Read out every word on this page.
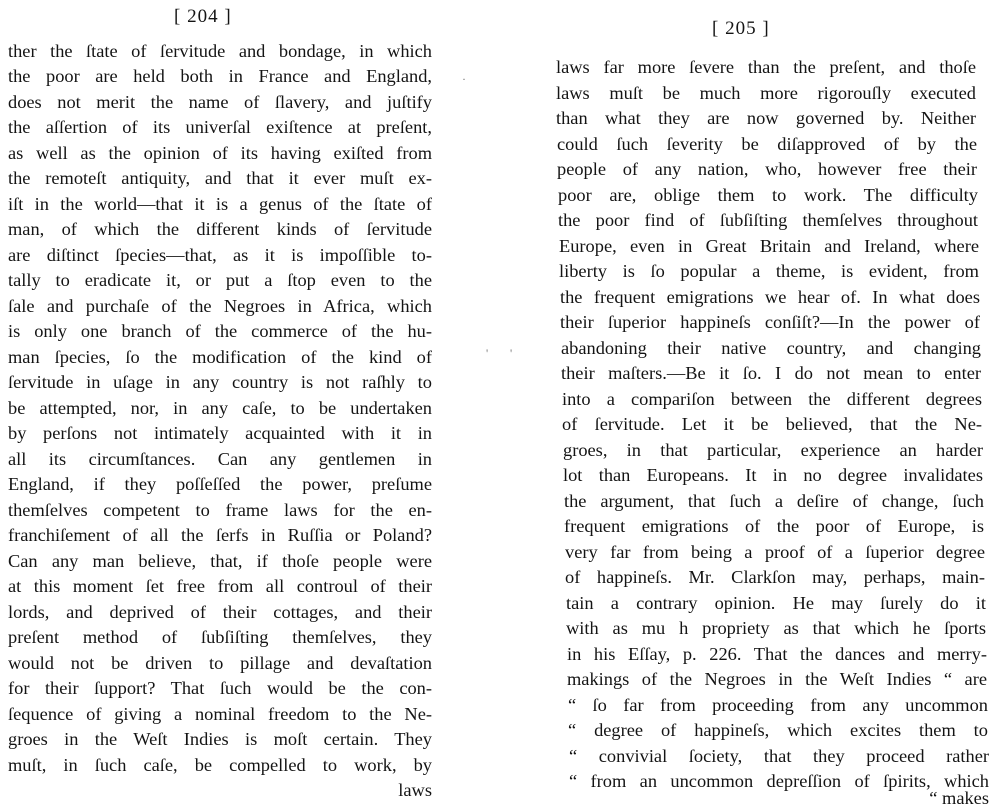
[ 204 ]
ther the ſtate of ſervitude and bondage, in which
the poor are held both in France and England,
does not merit the name of ſlavery, and juſtify
the aſſertion of its univerſal exiſtence at preſent,
as well as the opinion of its having exiſted from
the remoteſt antiquity, and that it ever muſt ex-
iſt in the world—that it is a genus of the ſtate of
man, of which the different kinds of ſervitude
are diſtinct ſpecies—that, as it is impoſſible to-
tally to eradicate it, or put a ſtop even to the
ſale and purchaſe of the Negroes in Africa, which
is only one branch of the commerce of the hu-
man ſpecies, ſo the modification of the kind of
ſervitude in uſage in any country is not raſhly to
be attempted, nor, in any caſe, to be undertaken
by perſons not intimately acquainted with it in
all its circumſtances. Can any gentlemen in
England, if they poſſeſſed the power, preſume
themſelves competent to frame laws for the en-
franchiſement of all the ſerfs in Ruſſia or Poland?
Can any man believe, that, if thoſe people were
at this moment ſet free from all controul of their
lords, and deprived of their cottages, and their
preſent method of ſubſiſting themſelves, they
would not be driven to pillage and devaſtation
for their ſupport? That ſuch would be the con-
ſequence of giving a nominal freedom to the Ne-
groes in the Weſt Indies is moſt certain. They
muſt, in ſuch caſe, be compelled to work, by
laws
·
' '
[ 205 ]
laws far more ſevere than the preſent, and thoſe
laws muſt be much more rigorouſly executed
than what they are now governed by. Neither
could ſuch ſeverity be diſapproved of by the
people of any nation, who, however free their
poor are, oblige them to work. The difficulty
the poor find of ſubſiſting themſelves throughout
Europe, even in Great Britain and Ireland, where
liberty is ſo popular a theme, is evident, from
the frequent emigrations we hear of. In what does
their ſuperior happineſs conſiſt?—In the power of
abandoning their native country, and changing
their maſters.—Be it ſo. I do not mean to enter
into a compariſon between the different degrees
of ſervitude. Let it be believed, that the Ne-
groes, in that particular, experience an harder
lot than Europeans. It in no degree invalidates
the argument, that ſuch a deſire of change, ſuch
frequent emigrations of the poor of Europe, is
very far from being a proof of a ſuperior degree
of happineſs. Mr. Clarkſon may, perhaps, main-
tain a contrary opinion. He may ſurely do it
with as mu h propriety as that which he ſports
in his Eſſay, p. 226. That the dances and merry-
makings of the Negroes in the Weſt Indies “ are
“ ſo far from proceeding from any uncommon
“ degree of happineſs, which excites them to
“ convivial ſociety, that they proceed rather
“ from an uncommon depreſſion of ſpirits, which
“ makes
